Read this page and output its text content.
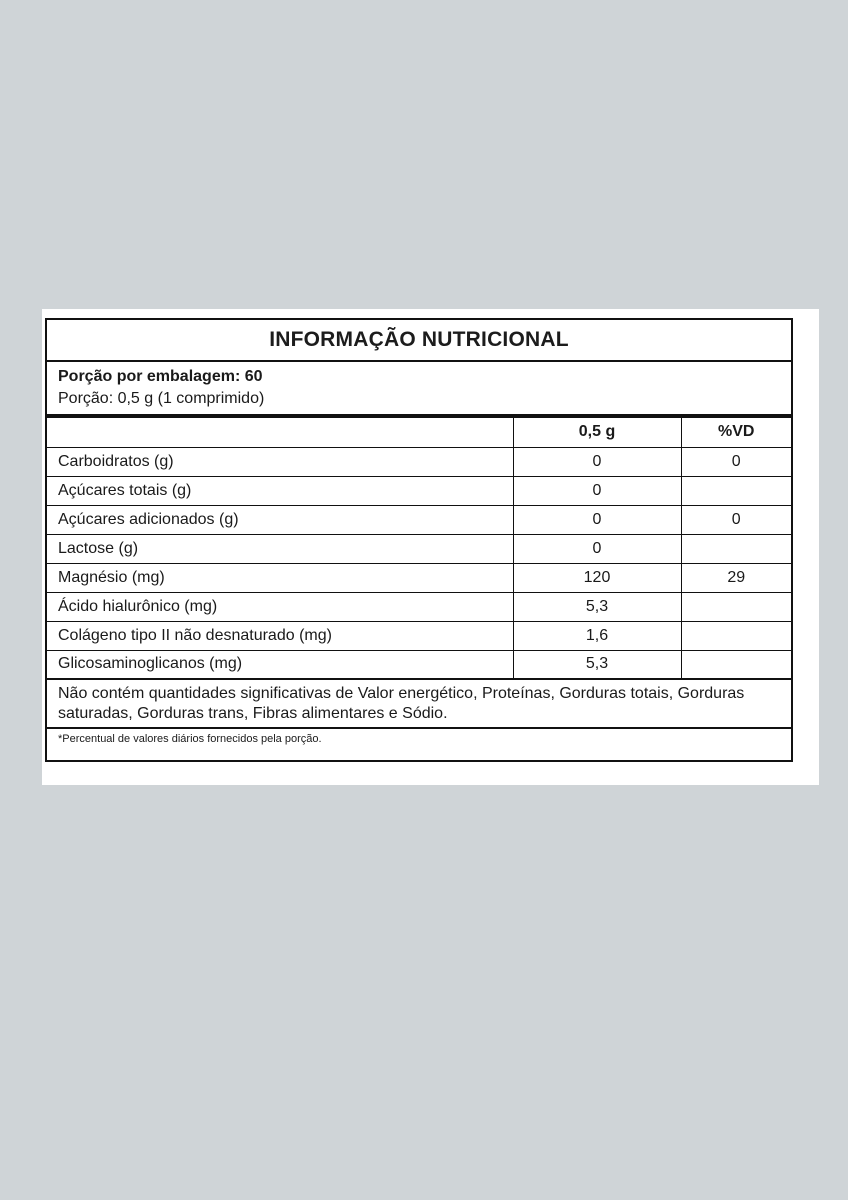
INFORMAÇÃO NUTRICIONAL
Porção por embalagem: 60
Porção: 0,5 g (1 comprimido)
	0,5 g	%VD
Carboidratos (g)	0	0
Açúcares totais (g)	0	
Açúcares adicionados (g)	0	0
Lactose (g)	0	
Magnésio (mg)	120	29
Ácido hialurônico (mg)	5,3	
Colágeno tipo II não desnaturado (mg)	1,6	
Glicosaminoglicanos (mg)	5,3	
Não contém quantidades significativas de Valor energético, Proteínas, Gorduras totais, Gorduras saturadas, Gorduras trans, Fibras alimentares e Sódio.
*Percentual de valores diários fornecidos pela porção.
